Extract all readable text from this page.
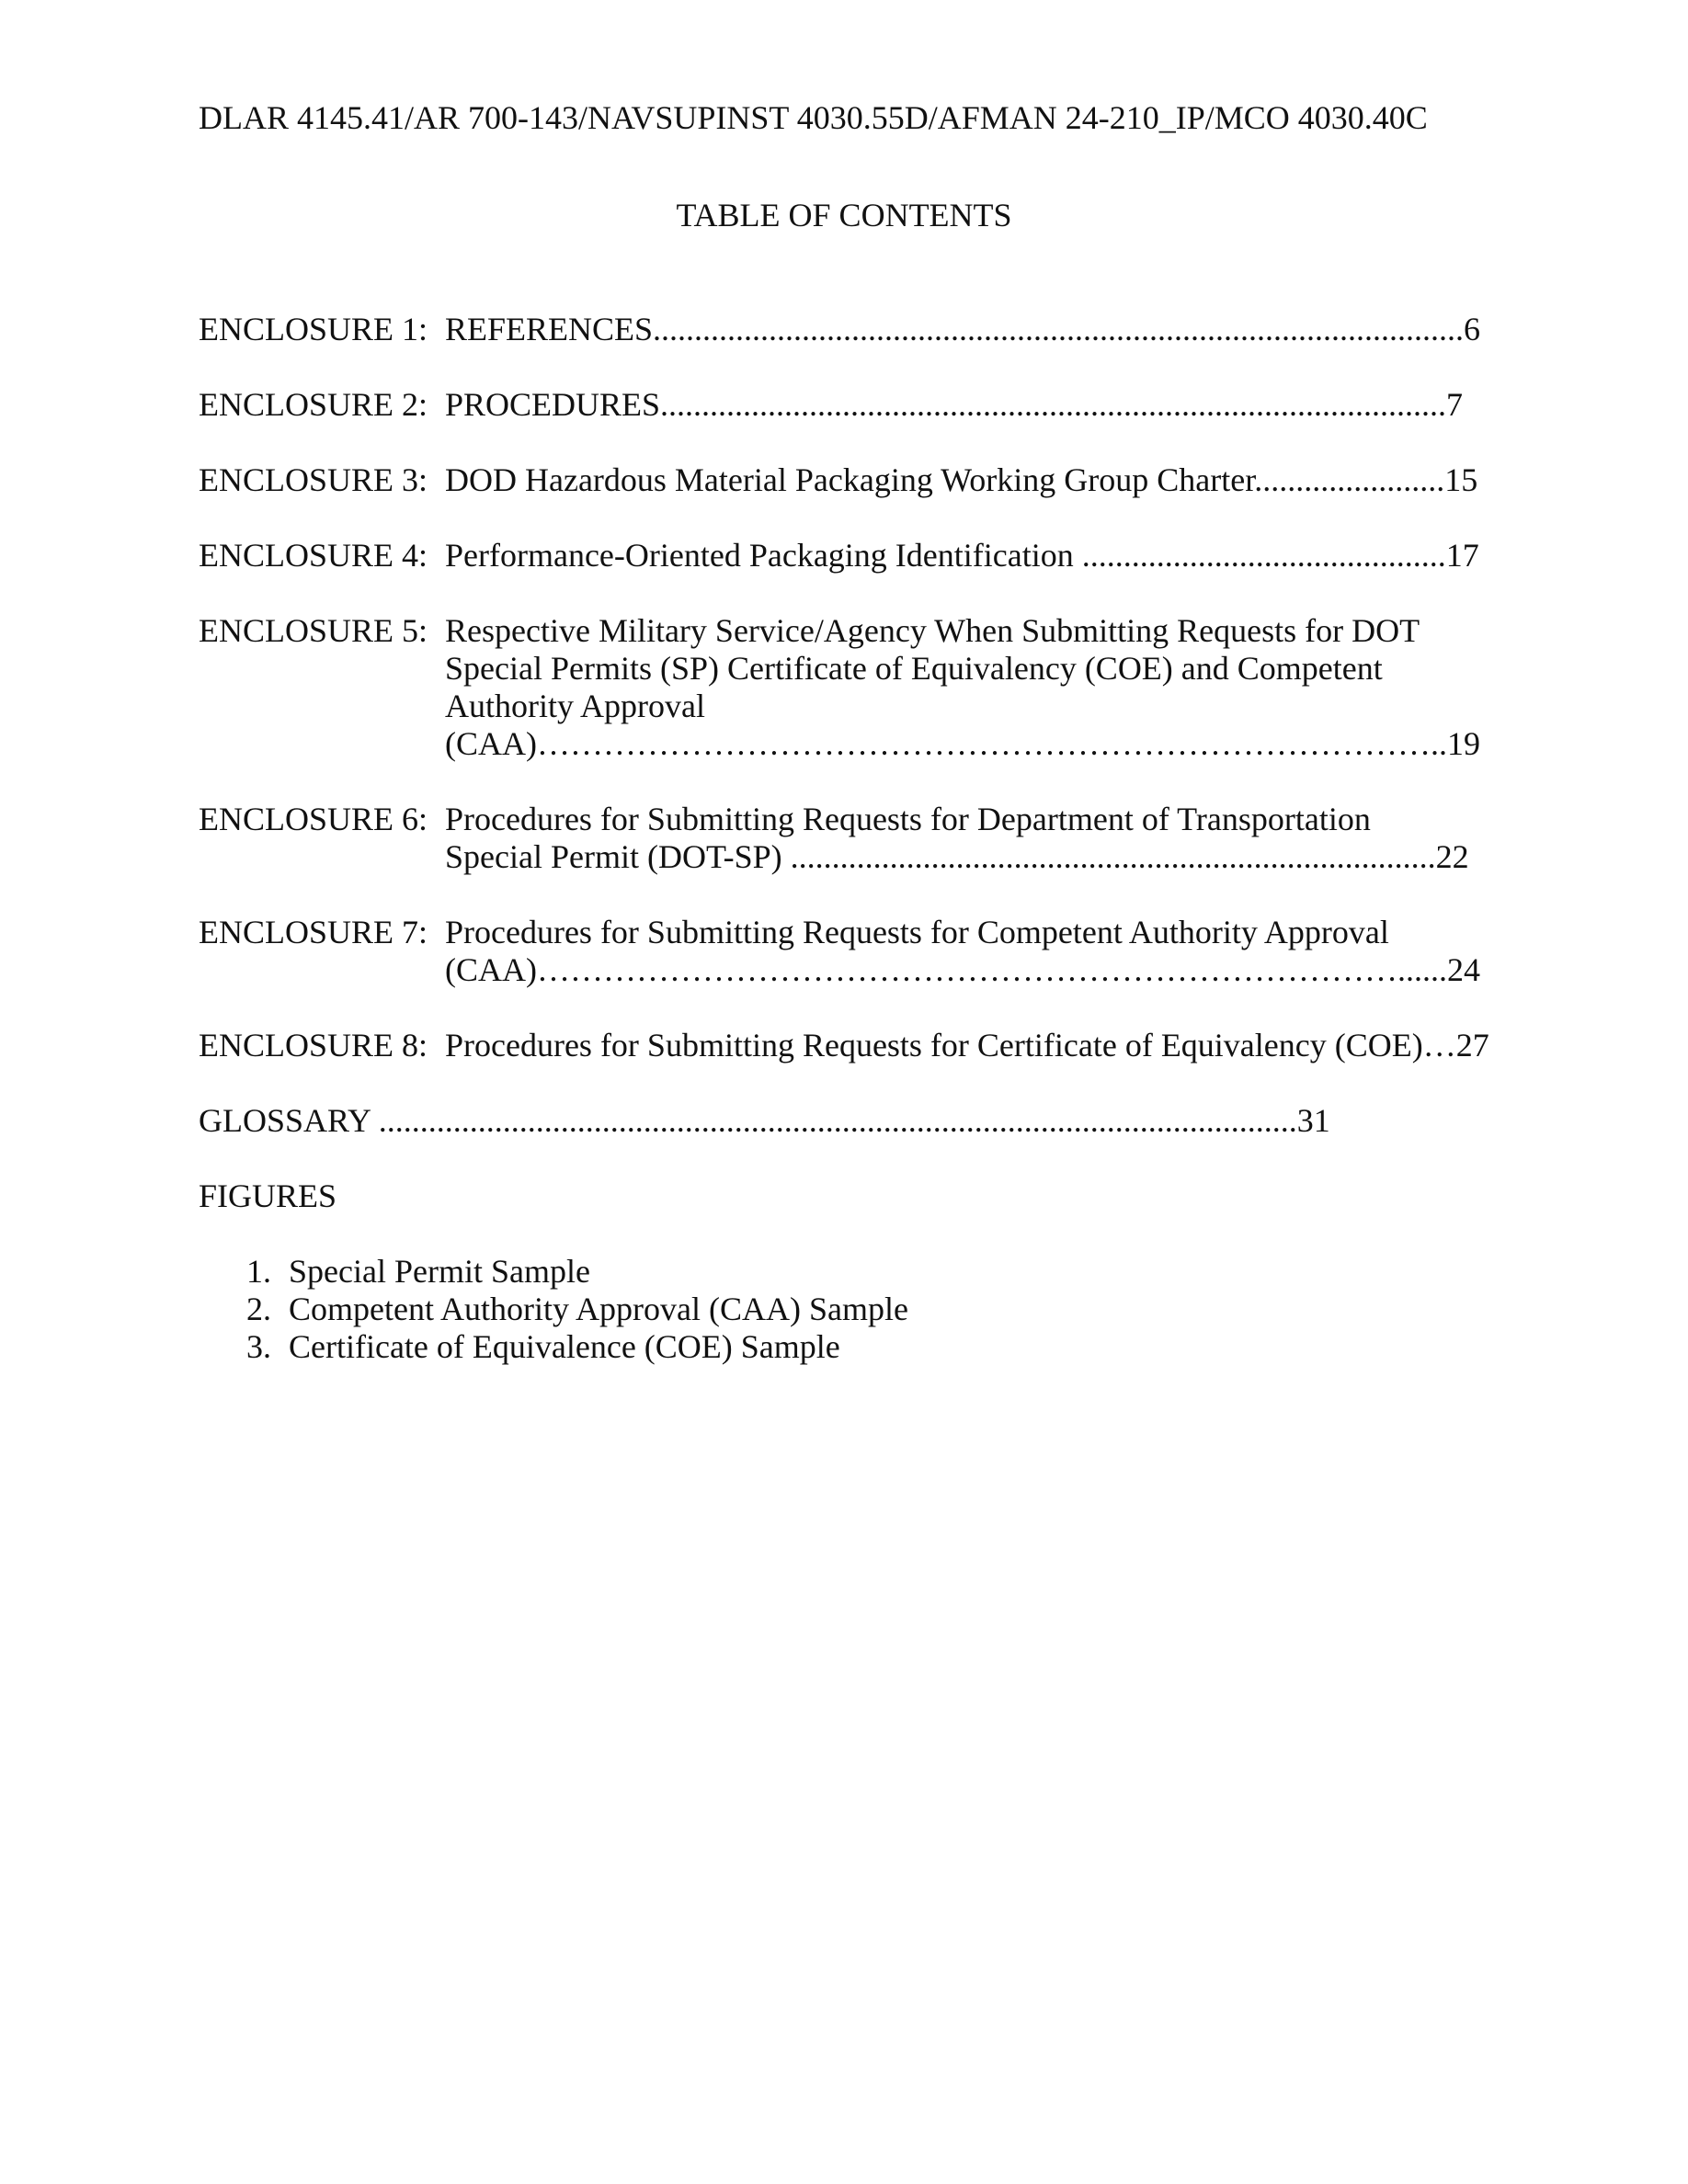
DLAR 4145.41/AR 700-143/NAVSUPINST 4030.55D/AFMAN 24-210_IP/MCO 4030.40C
TABLE OF CONTENTS
ENCLOSURE 1: REFERENCES..................................................................................................6
ENCLOSURE 2: PROCEDURES...............................................................................................7
ENCLOSURE 3: DOD Hazardous Material Packaging Working Group Charter.......................15
ENCLOSURE 4: Performance-Oriented Packaging Identification ............................................17
ENCLOSURE 5: Respective Military Service/Agency When Submitting Requests for DOT
Special Permits (SP) Certificate of Equivalency (COE) and Competent
Authority Approval
(CAA)………………………………………………………………………..19
ENCLOSURE 6: Procedures for Submitting Requests for Department of Transportation
Special Permit (DOT-SP) ..............................................................................22
ENCLOSURE 7: Procedures for Submitting Requests for Competent Authority Approval
(CAA)……………………………………………………………………......24
ENCLOSURE 8: Procedures for Submitting Requests for Certificate of Equivalency (COE)…27
GLOSSARY ...............................................................................................................31
FIGURES
1. Special Permit Sample
2. Competent Authority Approval (CAA) Sample
3. Certificate of Equivalence (COE) Sample
